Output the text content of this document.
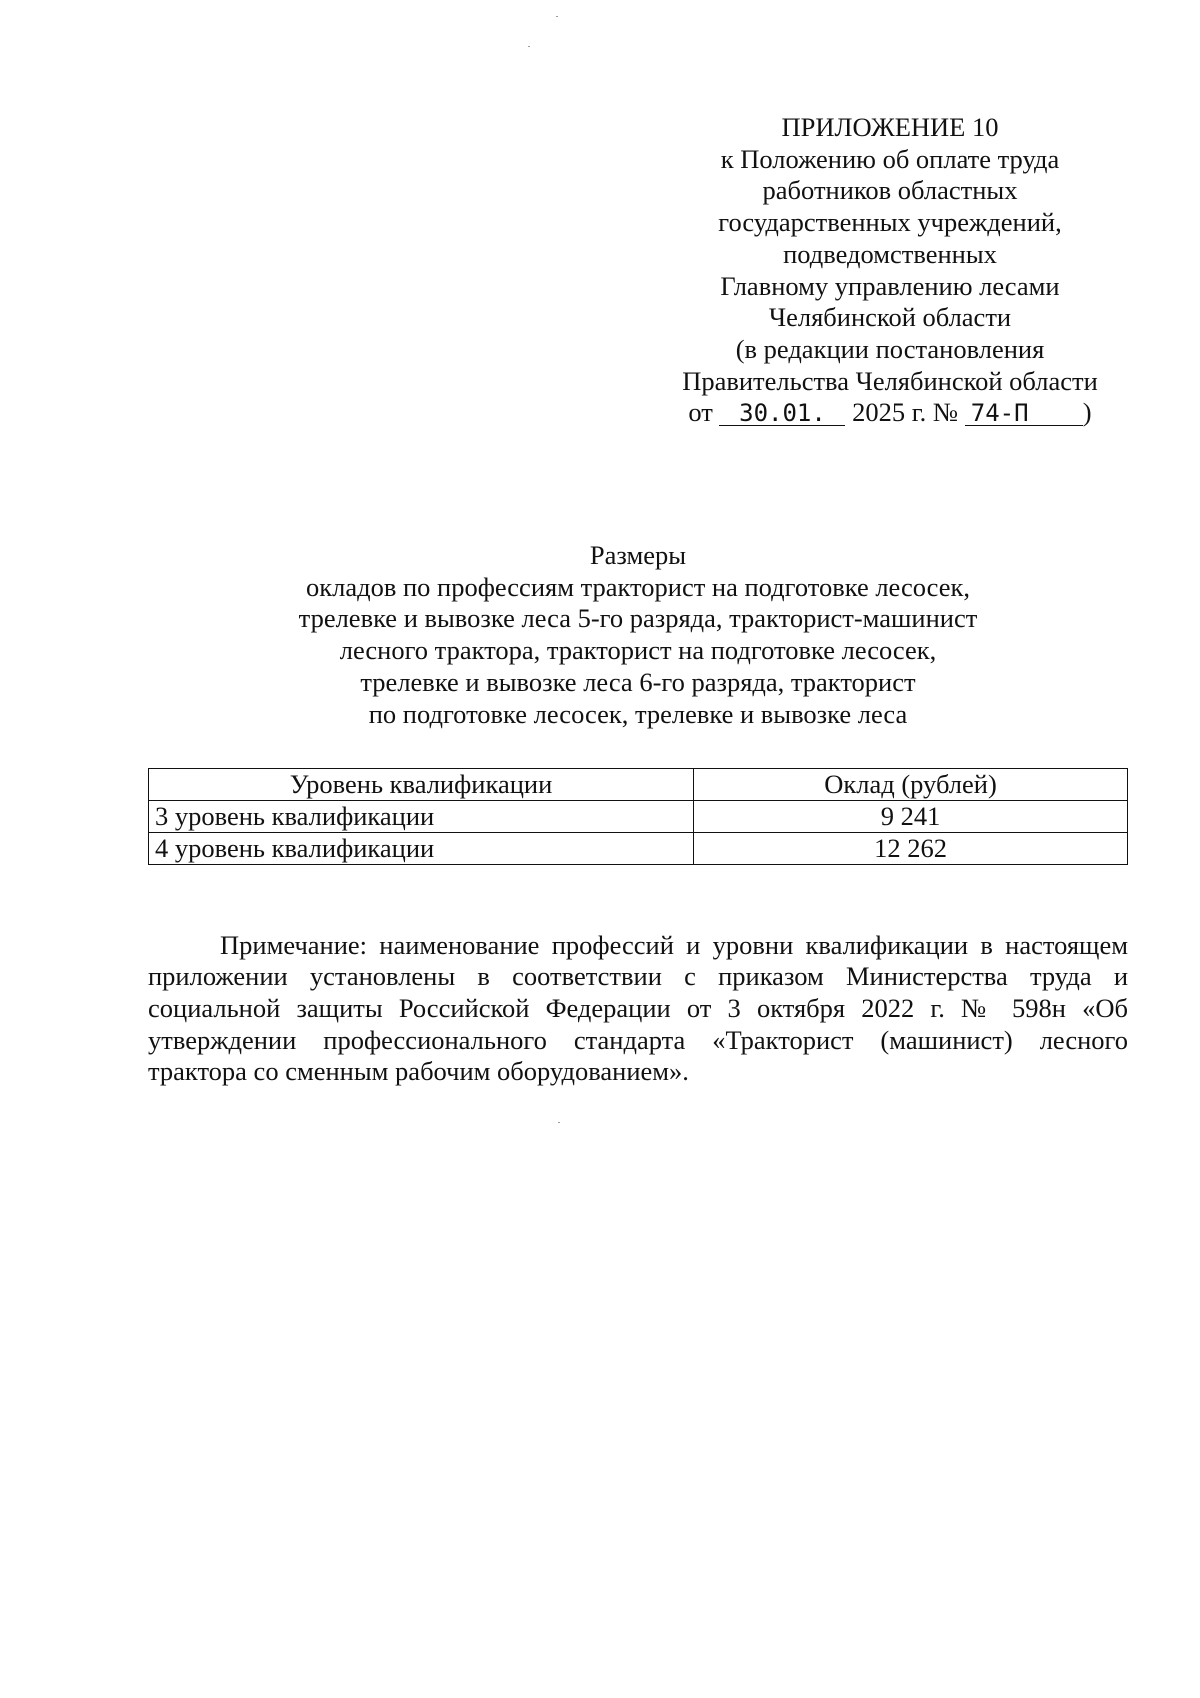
ПРИЛОЖЕНИЕ 10
к Положению об оплате труда
работников областных
государственных учреждений,
подведомственных
Главному управлению лесами
Челябинской области
(в редакции постановления
Правительства Челябинской области
от 30.01. 2025 г. № 74-П )
Размеры
окладов по профессиям тракторист на подготовке лесосек,
трелевке и вывозке леса 5-го разряда, тракторист-машинист
лесного трактора, тракторист на подготовке лесосек,
трелевке и вывозке леса 6-го разряда, тракторист
по подготовке лесосек, трелевке и вывозке леса
Уровень квалификации	Оклад (рублей)
3 уровень квалификации	9 241
4 уровень квалификации	12 262

Примечание: наименование профессий и уровни квалификации в настоящем приложении установлены в соответствии с приказом Министерства труда и социальной защиты Российской Федерации от 3 октября 2022 г. № 598н «Об утверждении профессионального стандарта «Тракторист (машинист) лесного трактора со сменным рабочим оборудованием».
